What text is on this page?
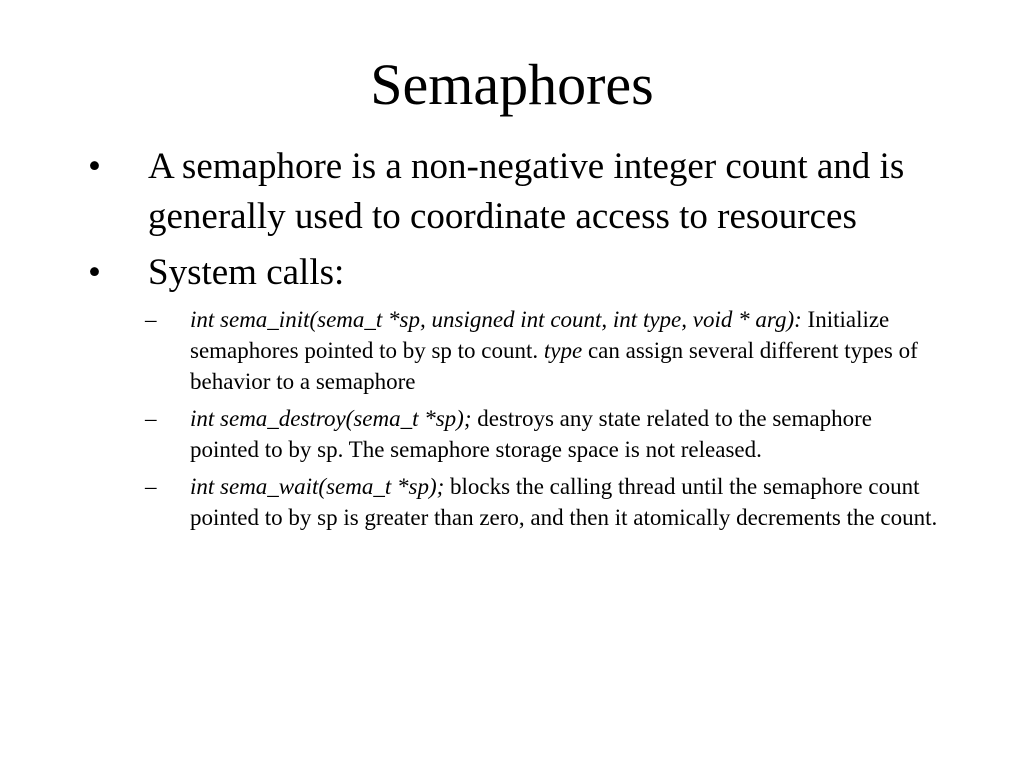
Semaphores
• A semaphore is a non-negative integer count and is generally used to coordinate access to resources
• System calls:
– int sema_init(sema_t *sp, unsigned int count, int type, void * arg): Initialize semaphores pointed to by sp to count. type can assign several different types of behavior to a semaphore
– int sema_destroy(sema_t *sp); destroys any state related to the semaphore pointed to by sp. The semaphore storage space is not released.
– int sema_wait(sema_t *sp); blocks the calling thread until the semaphore count pointed to by sp is greater than zero, and then it atomically decrements the count.
